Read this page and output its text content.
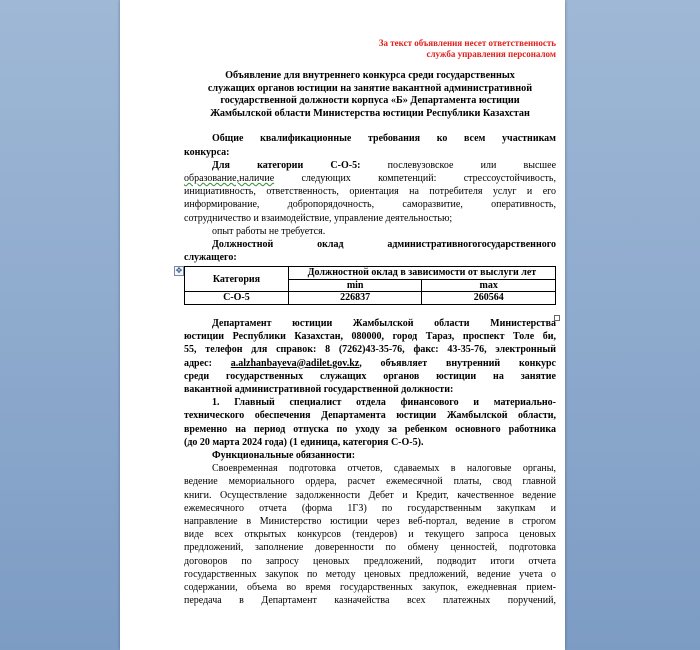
✥
За текст объявления несет ответственность
служба управления персоналом
Объявление для внутреннего конкурса среди государственных
служащих органов юстиции на занятие вакантной административной
государственной должности корпуса «Б» Департамента юстиции
Жамбылской области Министерства юстиции Республики Казахстан

Общие квалификационные требования ко всем участникам

конкурса:

Для категории С-О-5:	послевузовское или высшее

образование,наличие	следующих компетенций: стрессоустойчивость,

инициативность, ответственность, ориентация на потребителя услуг и его

информирование, добропорядочность, саморазвитие, оперативность,

сотрудничество и взаимодействие, управление деятельностью;

опыт работы не требуется.

Должностной оклад административногогосударственного

служащего:

Категория	Должностной оклад в зависимости от выслуги лет	
	min	max
С-О-5	226837	260564

Департамент юстиции Жамбылской области Министерства

юстиции Республики Казахстан, 080000, город Тараз, проспект Толе би,

55, телефон для справок: 8 (7262)43-35-76, факс: 43-35-76, электронный

адрес: a.alzhanbayeva@adilet.gov.kz, объявляет внутренний конкурс

среди государственных служащих органов юстиции на занятие

вакантной административной государственной должности:

1. Главный специалист отдела финансового и материально-

технического обеспечения Департамента юстиции Жамбылской области,

временно на период отпуска по уходу за ребенком основного работника

(до 20 марта 2024 года) (1 единица, категория С-О-5).

Функциональные обязанности:

Своевременная подготовка отчетов, сдаваемых в налоговые органы,

ведение мемориального ордера, расчет ежемесячной платы, свод главной

книги. Осуществление задолженности Дебет и Кредит, качественное ведение

ежемесячного отчета (форма 1ГЗ) по государственным закупкам и

направление в Министерство юстиции через веб-портал, ведение в строгом

виде всех открытых конкурсов (тендеров) и текущего запроса ценовых

предложений, заполнение доверенности по обмену ценностей, подготовка

договоров по запросу ценовых предложений, подводит итоги отчета

государственных закупок по методу ценовых предложений, ведение учета о

содержании, объема во время государственных закупок, ежедневная прием-

передача в Департамент казначейства всех платежных поручений,
